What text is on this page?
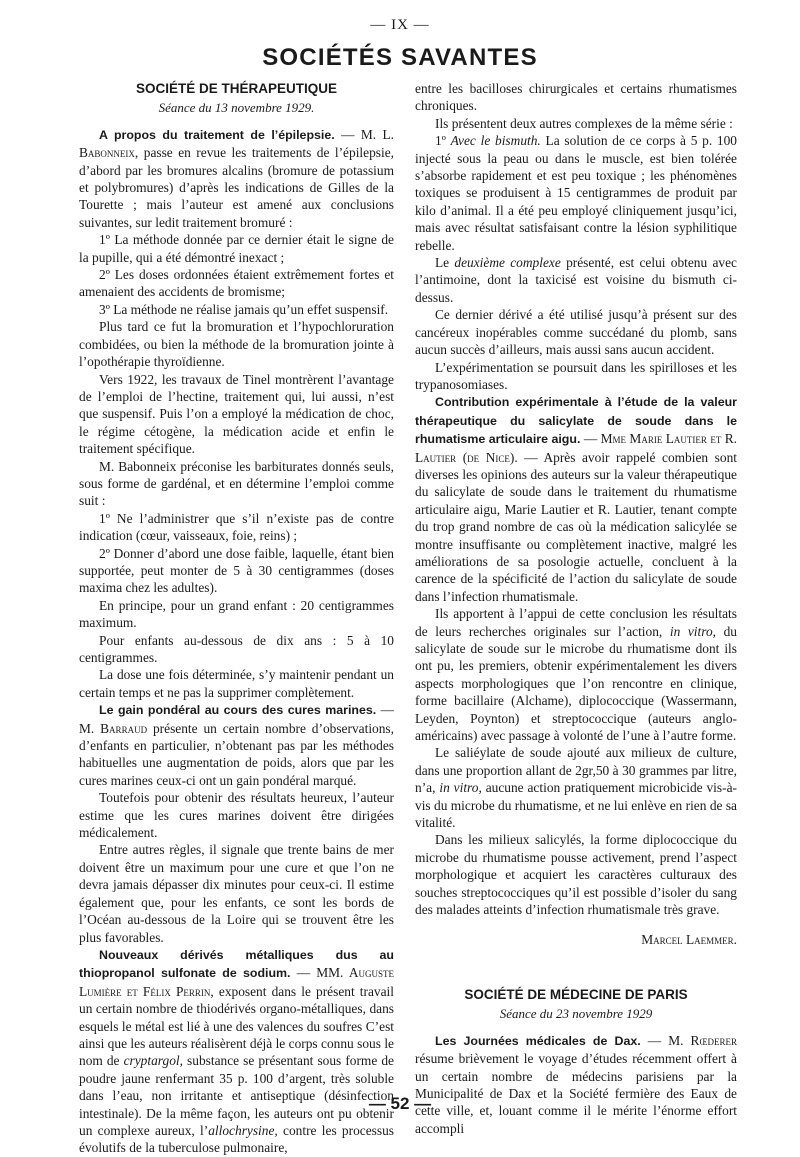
— IX —
SOCIÉTÉS SAVANTES
SOCIÉTÉ DE THÉRAPEUTIQUE
Séance du 13 novembre 1929.

A propos du traitement de l’épilepsie. — M. L. Babonneix, passe en revue les traitements de l’épilepsie, d’abord par les bromures alcalins (bromure de potassium et polybromures) d’après les indications de Gilles de la Tourette ; mais l’auteur est amené aux conclusions suivantes, sur ledit traitement bromuré :

1º La méthode donnée par ce dernier était le signe de la pupille, qui a été démontré inexact ;

2º Les doses ordonnées étaient extrêmement fortes et amenaient des accidents de bromisme;

3º La méthode ne réalise jamais qu’un effet suspensif.

Plus tard ce fut la bromuration et l’hypochloruration combidées, ou bien la méthode de la bromuration jointe à l’opothérapie thyroïdienne.

Vers 1922, les travaux de Tinel montrèrent l’avantage de l’emploi de l’hectine, traitement qui, lui aussi, n’est que suspensif. Puis l’on a employé la médication de choc, le régime cétogène, la médication acide et enfin le traitement spécifique.

M. Babonneix préconise les barbiturates donnés seuls, sous forme de gardénal, et en détermine l’emploi comme suit :

1º Ne l’administrer que s’il n’existe pas de contre indication (cœur, vaisseaux, foie, reins) ;

2º Donner d’abord une dose faible, laquelle, étant bien supportée, peut monter de 5 à 30 centigrammes (doses maxima chez les adultes).

En principe, pour un grand enfant : 20 centigrammes maximum.

Pour enfants au-dessous de dix ans : 5 à 10 centigrammes.

La dose une fois déterminée, s’y maintenir pendant un certain temps et ne pas la supprimer complètement.

Le gain pondéral au cours des cures marines. — M. Barraud présente un certain nombre d’observations, d’enfants en particulier, n’obtenant pas par les méthodes habituelles une augmentation de poids, alors que par les cures marines ceux-ci ont un gain pondéral marqué.

Toutefois pour obtenir des résultats heureux, l’auteur estime que les cures marines doivent être dirigées médicalement.

Entre autres règles, il signale que trente bains de mer doivent être un maximum pour une cure et que l’on ne devra jamais dépasser dix minutes pour ceux-ci. Il estime également que, pour les enfants, ce sont les bords de l’Océan au-dessous de la Loire qui se trouvent être les plus favorables.

Nouveaux dérivés métalliques dus au thiopropanol sulfonate de sodium. — MM. Auguste Lumière et Félix Perrin, exposent dans le présent travail un certain nombre de thiodérivés organo-métalliques, dans esquels le métal est lié à une des valences du soufres C’est ainsi que les auteurs réalisèrent déjà le corps connu sous le nom de cryptargol, substance se présentant sous forme de poudre jaune renfermant 35 p. 100 d’argent, très soluble dans l’eau, non irritante et antiseptique (désinfection intestinale). De la même façon, les auteurs ont pu obtenir un complexe aureux, l’allochrysine, contre les processus évolutifs de la tuberculose pulmonaire,

entre les bacilloses chirurgicales et certains rhumatismes chroniques.

Ils présentent deux autres complexes de la même série :

1º Avec le bismuth. La solution de ce corps à 5 p. 100 injecté sous la peau ou dans le muscle, est bien tolérée s’absorbe rapidement et est peu toxique ; les phénomènes toxiques se produisent à 15 centigrammes de produit par kilo d’animal. Il a été peu employé cliniquement jusqu’ici, mais avec résultat satisfaisant contre la lésion syphilitique rebelle.

Le deuxième complexe présenté, est celui obtenu avec l’antimoine, dont la taxicisé est voisine du bismuth ci-dessus.

Ce dernier dérivé a été utilisé jusqu’à présent sur des cancéreux inopérables comme succédané du plomb, sans aucun succès d’ailleurs, mais aussi sans aucun accident.

L’expérimentation se poursuit dans les spirilloses et les trypanosomiases.

Contribution expérimentale à l’étude de la valeur thérapeutique du salicylate de soude dans le rhumatisme articulaire aigu. — Mme Marie Lautier et R. Lautier (de Nice). — Après avoir rappelé combien sont diverses les opinions des auteurs sur la valeur thérapeutique du salicylate de soude dans le traitement du rhumatisme articulaire aigu, Marie Lautier et R. Lautier, tenant compte du trop grand nombre de cas où la médication salicylée se montre insuffisante ou complètement inactive, malgré les améliorations de sa posologie actuelle, concluent à la carence de la spécificité de l’action du salicylate de soude dans l’infection rhumatismale.

Ils apportent à l’appui de cette conclusion les résultats de leurs recherches originales sur l’action, in vitro, du salicylate de soude sur le microbe du rhumatisme dont ils ont pu, les premiers, obtenir expérimentalement les divers aspects morphologiques que l’on rencontre en clinique, forme bacillaire (Alchame), diplococcique (Wassermann, Leyden, Poynton) et streptococcique (auteurs anglo-américains) avec passage à volonté de l’une à l’autre forme.

Le saliéylate de soude ajouté aux milieux de culture, dans une proportion allant de 2gr,50 à 30 grammes par litre, n’a, in vitro, aucune action pratiquement microbicide vis-à-vis du microbe du rhumatisme, et ne lui enlève en rien de sa vitalité.

Dans les milieux salicylés, la forme diplococcique du microbe du rhumatisme pousse activement, prend l’aspect morphologique et acquiert les caractères culturaux des souches streptococciques qu’il est possible d’isoler du sang des malades atteints d’infection rhumatismale très grave.

Marcel Laemmer.
SOCIÉTÉ DE MÉDECINE DE PARIS
Séance du 23 novembre 1929

Les Journées médicales de Dax. — M. Rœderer résume brièvement le voyage d’études récemment offert à un certain nombre de médecins parisiens par la Municipalité de Dax et la Société fermière des Eaux de cette ville, et, louant comme il le mérite l’énorme effort accompli

— 52 —
